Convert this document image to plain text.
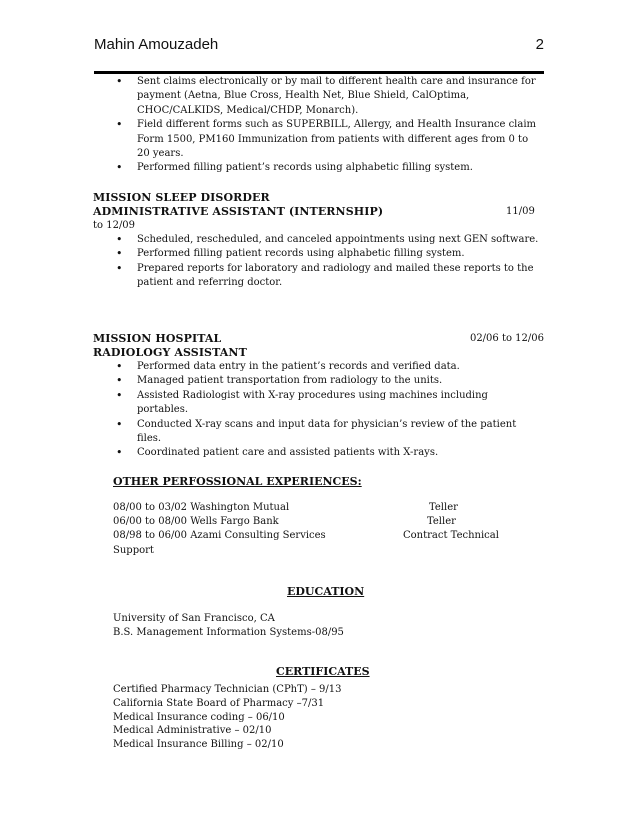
Mahin Amouzadeh	2
• Sent claims electronically or by mail to different health care and insurance for payment (Aetna, Blue Cross, Health Net, Blue Shield, CalOptima, CHOC/CALKIDS, Medical/CHDP, Monarch).
• Field different forms such as SUPERBILL, Allergy, and Health Insurance claim Form 1500, PM160 Immunization from patients with different ages from 0 to 20 years.
• Performed filling patient’s records using alphabetic filling system.
MISSION SLEEP DISORDER
ADMINISTRATIVE ASSISTANT (INTERNSHIP)	11/09
to 12/09
• Scheduled, rescheduled, and canceled appointments using next GEN software.
• Performed filling patient records using alphabetic filling system.
• Prepared reports for laboratory and radiology and mailed these reports to the patient and referring doctor.
MISSION HOSPITAL	02/06 to 12/06
RADIOLOGY ASSISTANT
• Performed data entry in the patient’s records and verified data.
• Managed patient transportation from radiology to the units.
• Assisted Radiologist with X-ray procedures using machines including portables.
• Conducted X-ray scans and input data for physician’s review of the patient files.
• Coordinated patient care and assisted patients with X-rays.
OTHER PERFOSSIONAL EXPERIENCES:
08/00 to 03/02 Washington Mutual	Teller
06/00 to 08/00 Wells Fargo Bank	Teller
08/98 to 06/00 Azami Consulting Services	Contract Technical
Support
EDUCATION
University of San Francisco, CA
B.S. Management Information Systems-08/95
CERTIFICATES
Certified Pharmacy Technician (CPhT) – 9/13
California State Board of Pharmacy –7/31
Medical Insurance coding – 06/10
Medical Administrative – 02/10
Medical Insurance Billing – 02/10
